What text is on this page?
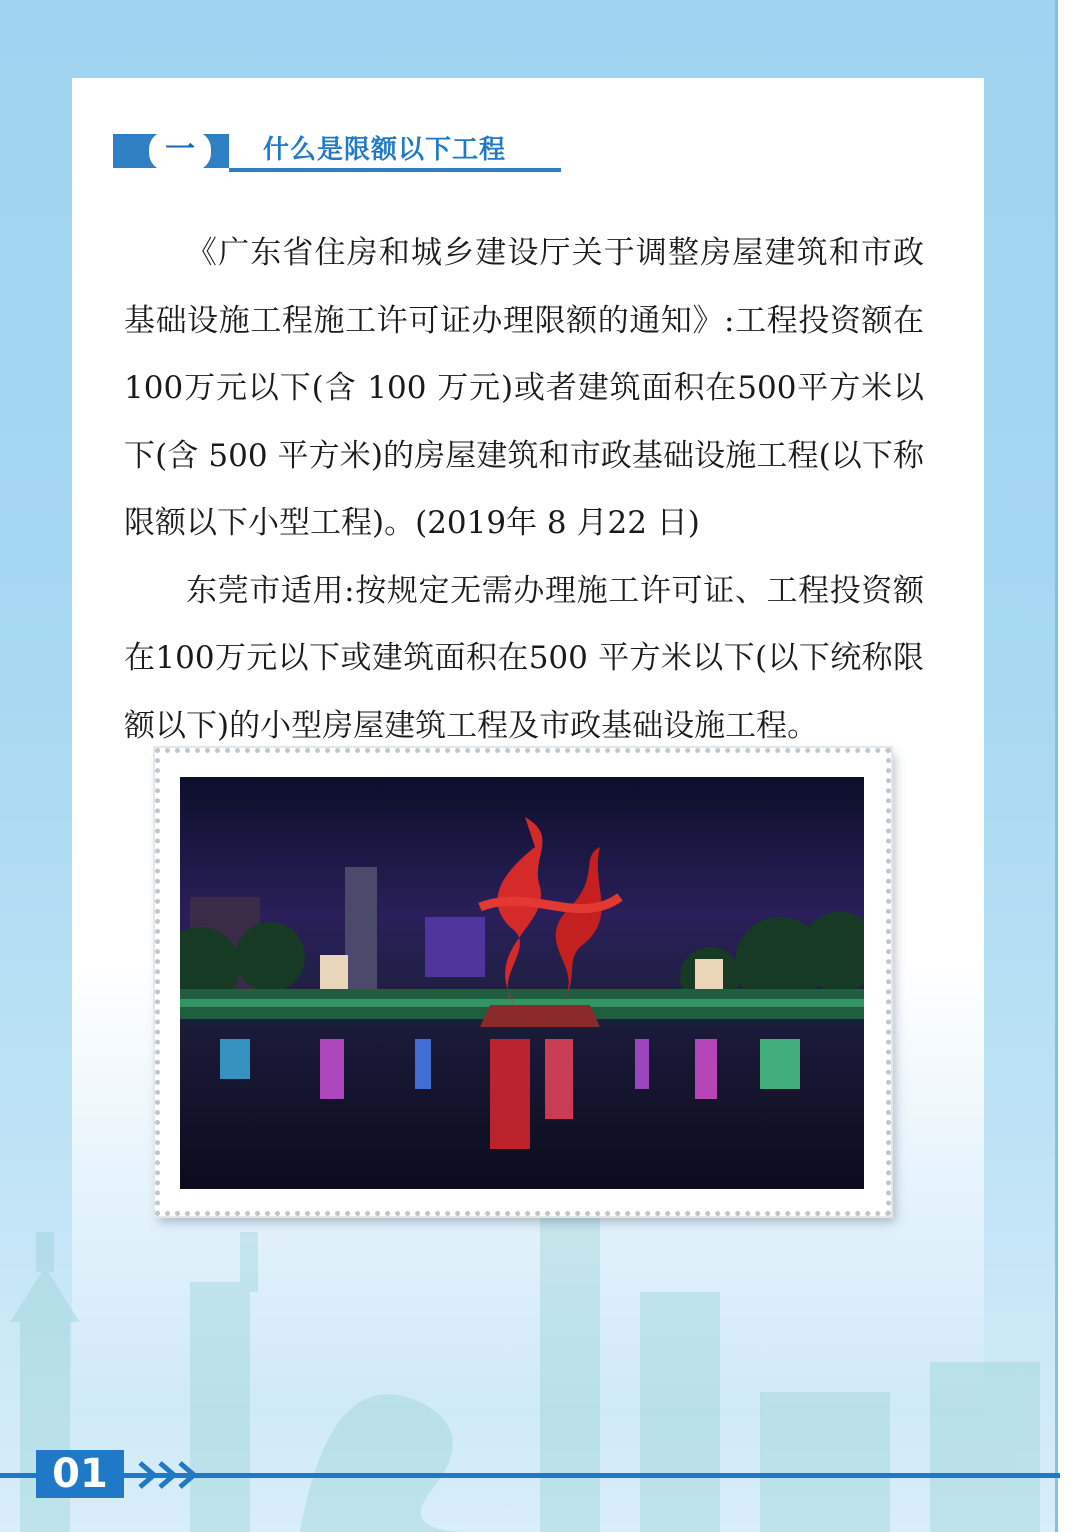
一	什么是限额以下工程

《广东省住房和城乡建设厅关于调整房屋建筑和市政基础设施工程施工许可证办理限额的通知》:工程投资额在100万元以下(含 100 万元)或者建筑面积在500平方米以下(含 500 平方米)的房屋建筑和市政基础设施工程(以下称限额以下小型工程)。(2019年 8 月22 日)

东莞市适用:按规定无需办理施工许可证、工程投资额在100万元以下或建筑面积在500 平方米以下(以下统称限额以下)的小型房屋建筑工程及市政基础设施工程。

01
